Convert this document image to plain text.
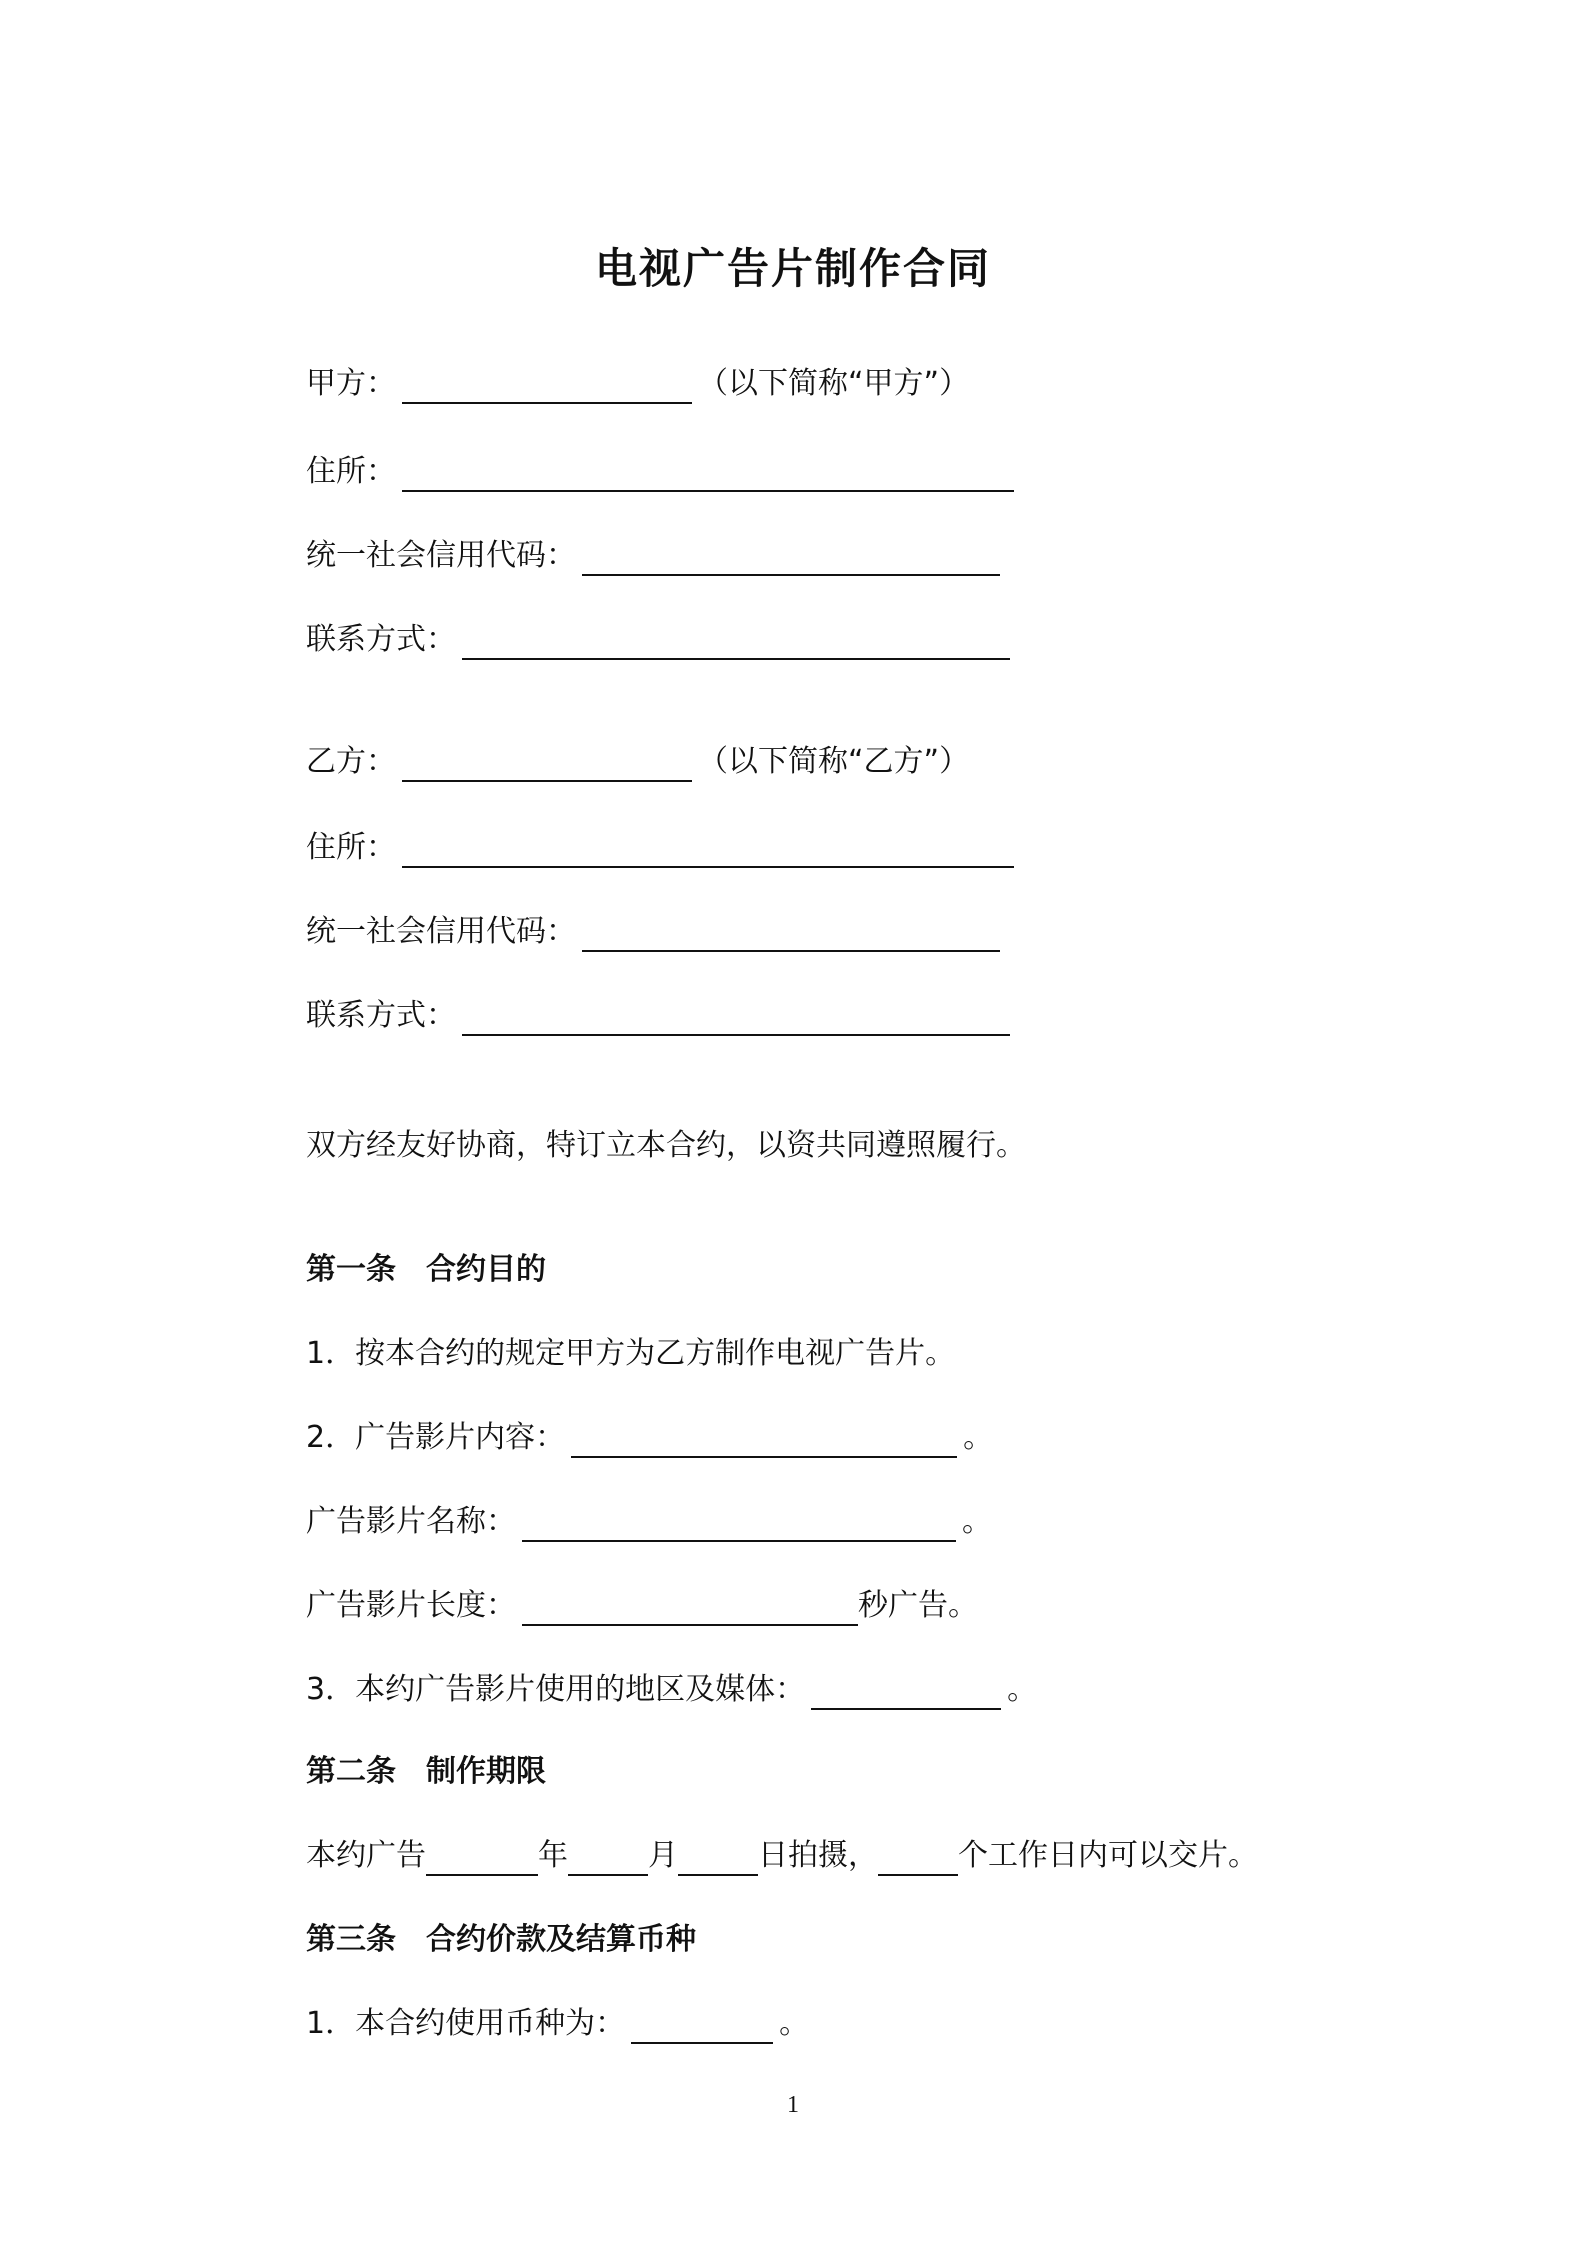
电视广告片制作合同
甲方：	（以下简称“甲方”）
住所：
统一社会信用代码：
联系方式：
乙方：	（以下简称“乙方”）
住所：
统一社会信用代码：
联系方式：
双方经友好协商，特订立本合约，以资共同遵照履行。
第一条 合约目的
1．按本合约的规定甲方为乙方制作电视广告片。
2．广告影片内容：	。
广告影片名称：	。
广告影片长度：	秒广告。
3．本约广告影片使用的地区及媒体：	。
第二条 制作期限
本约广告	年	月	日拍摄，	个工作日内可以交片。
第三条 合约价款及结算币种
1．本合约使用币种为：	。
1
